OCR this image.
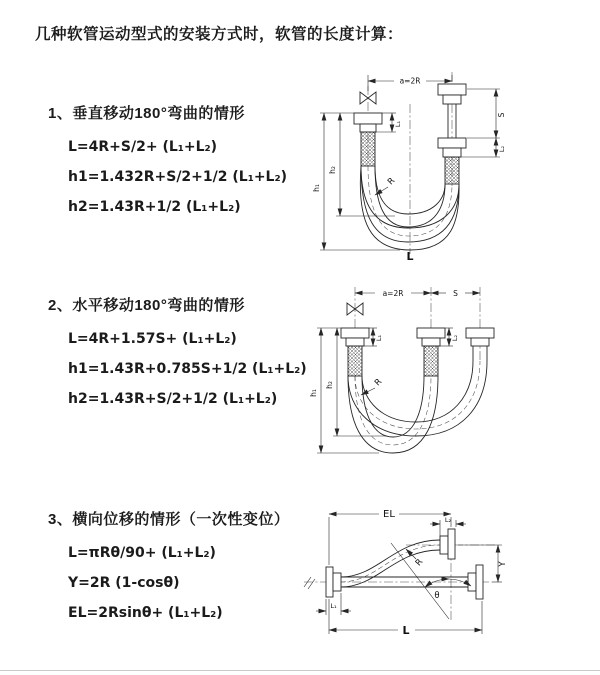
几种软管运动型式的安装方式时，软管的长度计算：
1、垂直移动180°弯曲的情形
L=4R+S/2+ (L₁+L₂)
h1=1.432R+S/2+1/2 (L₁+L₂)
h2=1.43R+1/2 (L₁+L₂)
a=2R
h₁
h₂
L₁
S
L₂
R
L
2、水平移动180°弯曲的情形
L=4R+1.57S+ (L₁+L₂)
h1=1.43R+0.785S+1/2 (L₁+L₂)
h2=1.43R+S/2+1/2 (L₁+L₂)
a=2R	S
h₁
h₂
L₁	L₂
R
3、横向位移的情形（一次性变位）
L=πRθ/90+ (L₁+L₂)
Y=2R (1-cosθ)
EL=2Rsinθ+ (L₁+L₂)
θ
EL	L₂
Y
L
L₁
R
